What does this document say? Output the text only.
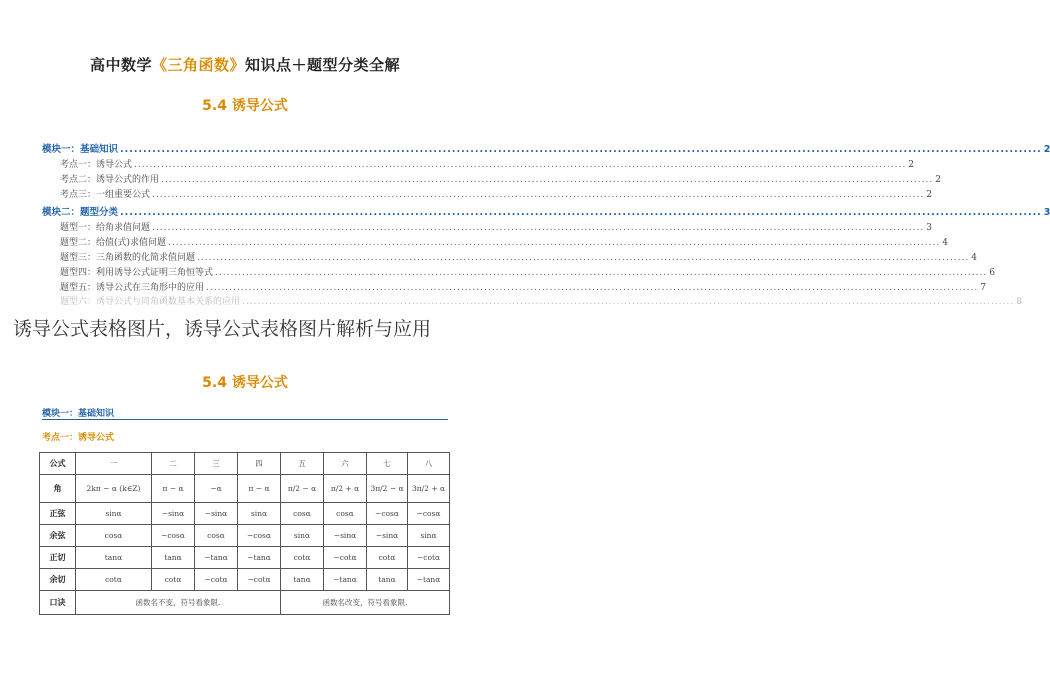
高中数学《三角函数》知识点＋题型分类全解
5.4 诱导公式
模块一：基础知识 ........................................................................................................................................................................................................ 2
考点一：诱导公式 ........................................................................................................................................................................................................ 2
考点二：诱导公式的作用 ........................................................................................................................................................................................................ 2
考点三：一组重要公式 ........................................................................................................................................................................................................ 2
模块二：题型分类 ........................................................................................................................................................................................................ 3
题型一：给角求值问题 ........................................................................................................................................................................................................ 3
题型二：给值(式)求值问题 ........................................................................................................................................................................................................ 4
题型三：三角函数的化简求值问题 ........................................................................................................................................................................................................ 4
题型四：利用诱导公式证明三角恒等式 ........................................................................................................................................................................................................ 6
题型五：诱导公式在三角形中的应用 ........................................................................................................................................................................................................ 7
题型六：诱导公式与同角函数基本关系的应用 ........................................................................................................................................................................................................ 8
诱导公式表格图片，诱导公式表格图片解析与应用
5.4 诱导公式
模块一：基础知识
考点一：诱导公式
公式	一	二	三	四	五	六	七	八
角	2kπ − α (k∈Z)	π − α	−α	π − α	π/2 − α	π/2 + α	3π/2 − α	3π/2 + α
正弦	sinα	−sinα	−sinα	sinα	cosα	cosα	−cosα	−cosα
余弦	cosα	−cosα	cosα	−cosα	sinα	−sinα	−sinα	sinα
正切	tanα	tanα	−tanα	−tanα	cotα	−cotα	cotα	−cotα
余切	cotα	cotα	−cotα	−cotα	tanα	−tanα	tanα	−tanα
口诀	函数名不变，符号看象限.				函数名改变，符号看象限.			
